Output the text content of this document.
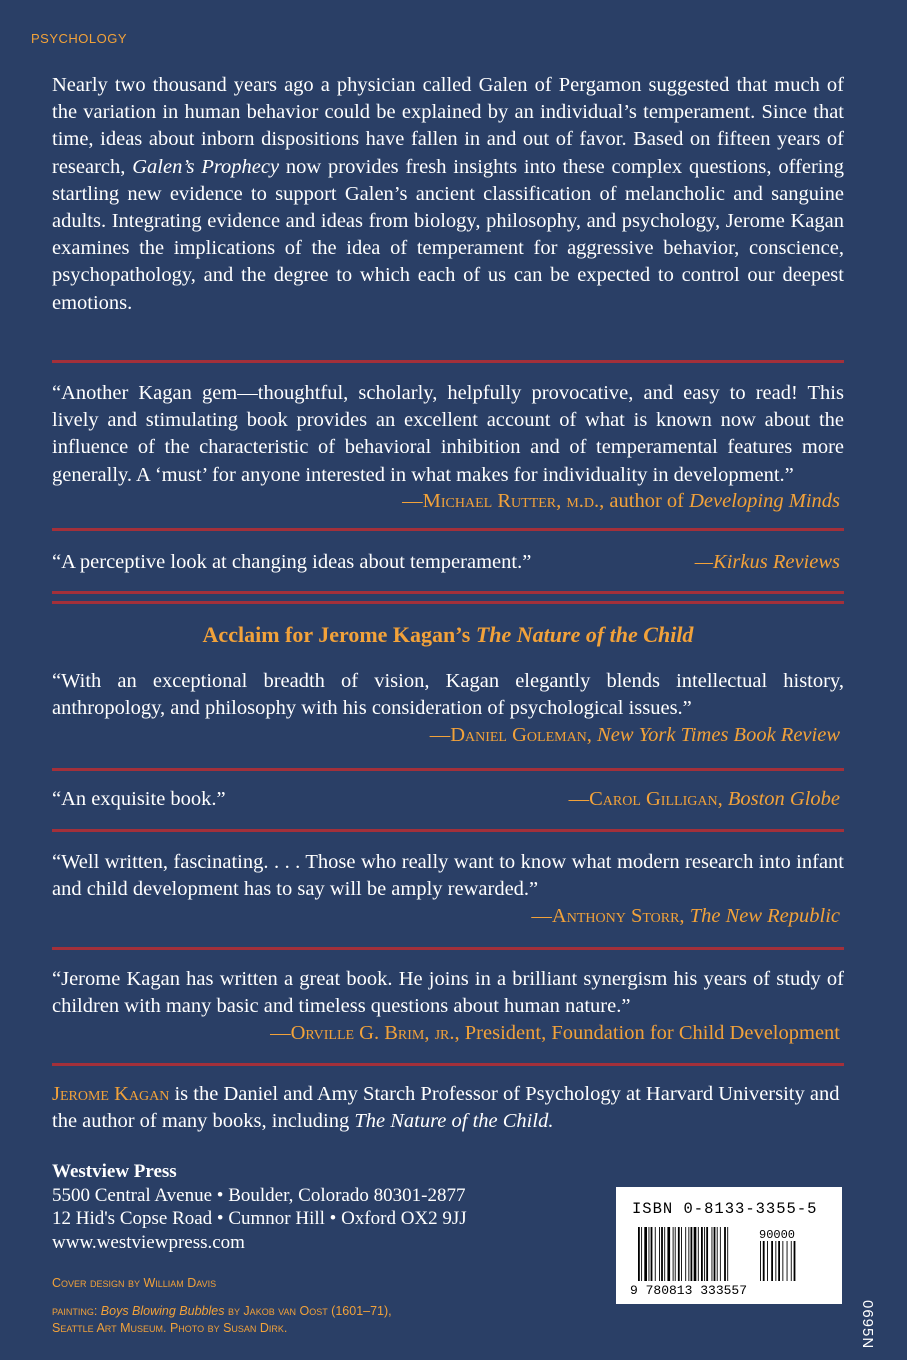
PSYCHOLOGY

Nearly two thousand years ago a physician called Galen of Pergamon suggested that much of the variation in human behavior could be explained by an individual’s temperament. Since that time, ideas about inborn dispositions have fallen in and out of favor. Based on fifteen years of research, Galen’s Prophecy now provides fresh insights into these complex questions, offering startling new evidence to support Galen’s ancient classification of melancholic and sanguine adults. Integrating evidence and ideas from biology, philosophy, and psychology, Jerome Kagan examines the implications of the idea of temperament for aggressive behavior, conscience, psychopathology, and the degree to which each of us can be expected to control our deepest emotions.

“Another Kagan gem—thoughtful, scholarly, helpfully provocative, and easy to read! This lively and stimulating book provides an excellent account of what is known now about the influence of the characteristic of behavioral inhibition and of temperamental features more generally. A ‘must’ for anyone interested in what makes for individuality in development.”

—Michael Rutter, m.d., author of Developing Minds
“A perceptive look at changing ideas about temperament.”	—Kirkus Reviews
Acclaim for Jerome Kagan’s The Nature of the Child

“With an exceptional breadth of vision, Kagan elegantly blends intellectual history, anthropology, and philosophy with his consideration of psychological issues.”

—Daniel Goleman, New York Times Book Review
“An exquisite book.”	—Carol Gilligan, Boston Globe

“Well written, fascinating. . . . Those who really want to know what modern research into infant and child development has to say will be amply rewarded.”

—Anthony Storr, The New Republic

“Jerome Kagan has written a great book. He joins in a brilliant synergism his years of study of children with many basic and timeless questions about human nature.”

—Orville G. Brim, jr., President, Foundation for Child Development
Jerome Kagan is the Daniel and Amy Starch Professor of Psychology at Harvard University and the author of many books, including The Nature of the Child.
Westview Press
5500 Central Avenue • Boulder, Colorado 80301-2877
12 Hid's Copse Road • Cumnor Hill • Oxford OX2 9JJ
www.westviewpress.com
Cover design by William Davis
painting: Boys Blowing Bubbles by Jakob van Oost (1601–71),
Seattle Art Museum. Photo by Susan Dirk.
ISBN 0-8133-3355-5
90000
9 780813 333557
0695N
